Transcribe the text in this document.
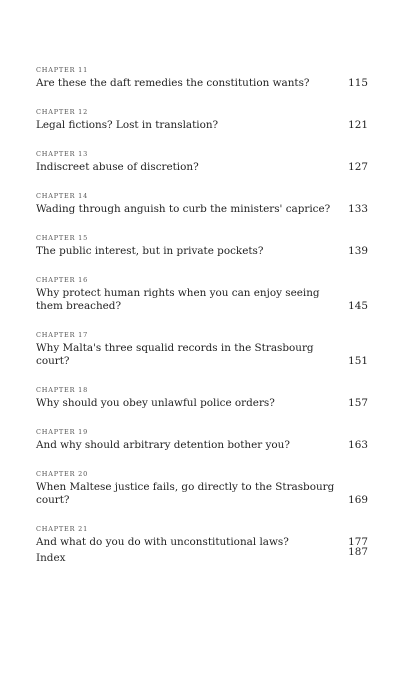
CHAPTER 11
Are these the daft remedies the constitution wants?	115
CHAPTER 12
Legal fictions? Lost in translation?	121
CHAPTER 13
Indiscreet abuse of discretion?	127
CHAPTER 14
Wading through anguish to curb the ministers' caprice?	133
CHAPTER 15
The public interest, but in private pockets?	139
CHAPTER 16
Why protect human rights when you can enjoy seeing them breached?	145
CHAPTER 17
Why Malta's three squalid records in the Strasbourg court?	151
CHAPTER 18
Why should you obey unlawful police orders?	157
CHAPTER 19
And why should arbitrary detention bother you?	163
CHAPTER 20
When Maltese justice fails, go directly to the Strasbourg court?	169
CHAPTER 21
And what do you do with unconstitutional laws?	177
Index	187
